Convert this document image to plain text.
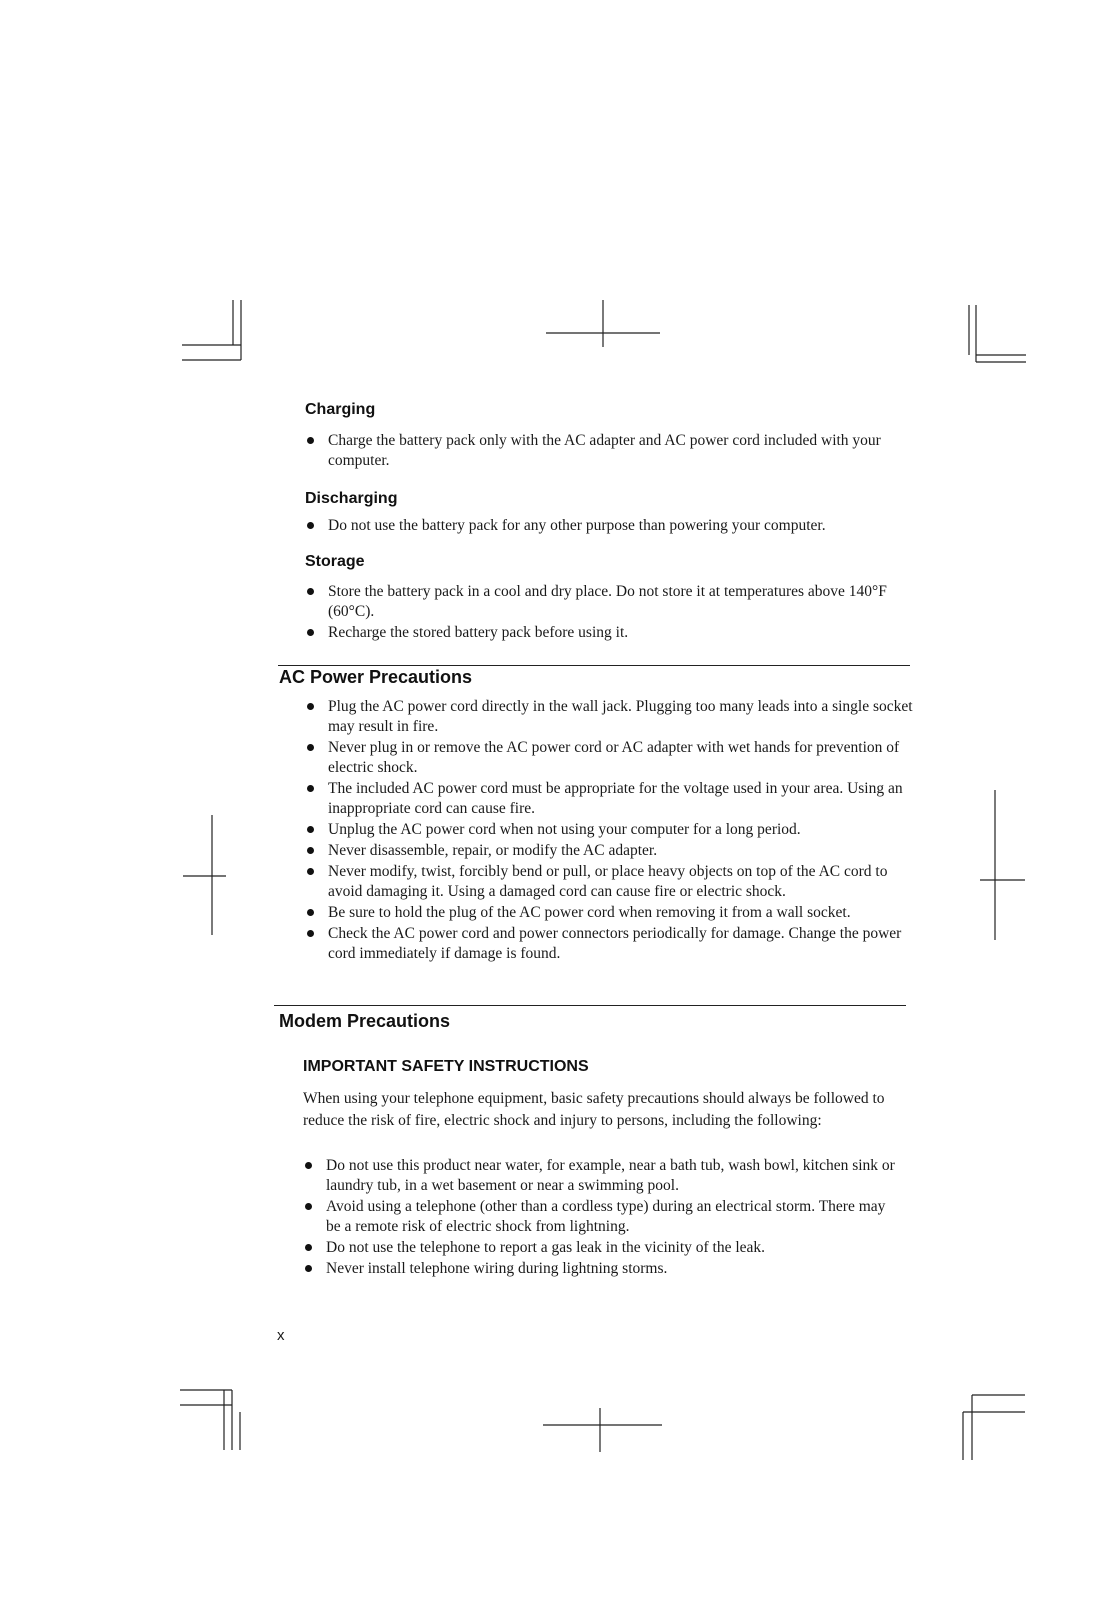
Charging
Charge the battery pack only with the AC adapter and AC power cord included with your computer.
Discharging
Do not use the battery pack for any other purpose than powering your computer.
Storage
Store the battery pack in a cool and dry place. Do not store it at temperatures above 140°F (60°C).
Recharge the stored battery pack before using it.
AC Power Precautions
Plug the AC power cord directly in the wall jack. Plugging too many leads into a single socket may result in fire.
Never plug in or remove the AC power cord or AC adapter with wet hands for prevention of electric shock.
The included AC power cord must be appropriate for the voltage used in your area. Using an inappropriate cord can cause fire.
Unplug the AC power cord when not using your computer for a long period.
Never disassemble, repair, or modify the AC adapter.
Never modify, twist, forcibly bend or pull, or place heavy objects on top of the AC cord to avoid damaging it. Using a damaged cord can cause fire or electric shock.
Be sure to hold the plug of the AC power cord when removing it from a wall socket.
Check the AC power cord and power connectors periodically for damage. Change the power cord immediately if damage is found.
Modem Precautions
IMPORTANT SAFETY INSTRUCTIONS

When using your telephone equipment, basic safety precautions should always be followed to reduce the risk of fire, electric shock and injury to persons, including the following:

Do not use this product near water, for example, near a bath tub, wash bowl, kitchen sink or laundry tub, in a wet basement or near a swimming pool.
Avoid using a telephone (other than a cordless type) during an electrical storm. There may be a remote risk of electric shock from lightning.
Do not use the telephone to report a gas leak in the vicinity of the leak.
Never install telephone wiring during lightning storms.

x
